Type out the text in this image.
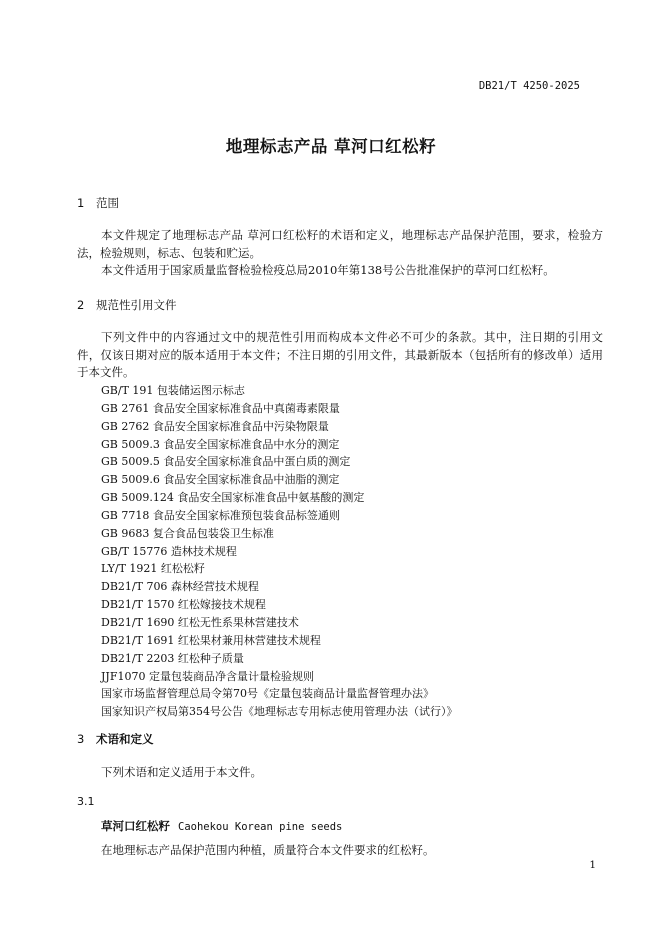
DB21/T 4250-2025
地理标志产品 草河口红松籽
1 范围
本文件规定了地理标志产品 草河口红松籽的术语和定义，地理标志产品保护范围，要求，检验方法，检验规则，标志、包装和贮运。
本文件适用于国家质量监督检验检疫总局2010年第138号公告批准保护的草河口红松籽。
2 规范性引用文件
下列文件中的内容通过文中的规范性引用而构成本文件必不可少的条款。其中，注日期的引用文件，仅该日期对应的版本适用于本文件；不注日期的引用文件，其最新版本（包括所有的修改单）适用于本文件。
GB/T 191 包装储运图示标志
GB 2761 食品安全国家标准食品中真菌毒素限量
GB 2762 食品安全国家标准食品中污染物限量
GB 5009.3 食品安全国家标准食品中水分的测定
GB 5009.5 食品安全国家标准食品中蛋白质的测定
GB 5009.6 食品安全国家标准食品中油脂的测定
GB 5009.124 食品安全国家标准食品中氨基酸的测定
GB 7718 食品安全国家标准预包装食品标签通则
GB 9683 复合食品包装袋卫生标准
GB/T 15776 造林技术规程
LY/T 1921 红松松籽
DB21/T 706 森林经营技术规程
DB21/T 1570 红松嫁接技术规程
DB21/T 1690 红松无性系果林营建技术
DB21/T 1691 红松果材兼用林营建技术规程
DB21/T 2203 红松种子质量
JJF1070 定量包装商品净含量计量检验规则
国家市场监督管理总局令第70号《定量包装商品计量监督管理办法》
国家知识产权局第354号公告《地理标志专用标志使用管理办法（试行）》
3 术语和定义
下列术语和定义适用于本文件。
3.1
草河口红松籽 Caohekou Korean pine seeds
在地理标志产品保护范围内种植，质量符合本文件要求的红松籽。
1
